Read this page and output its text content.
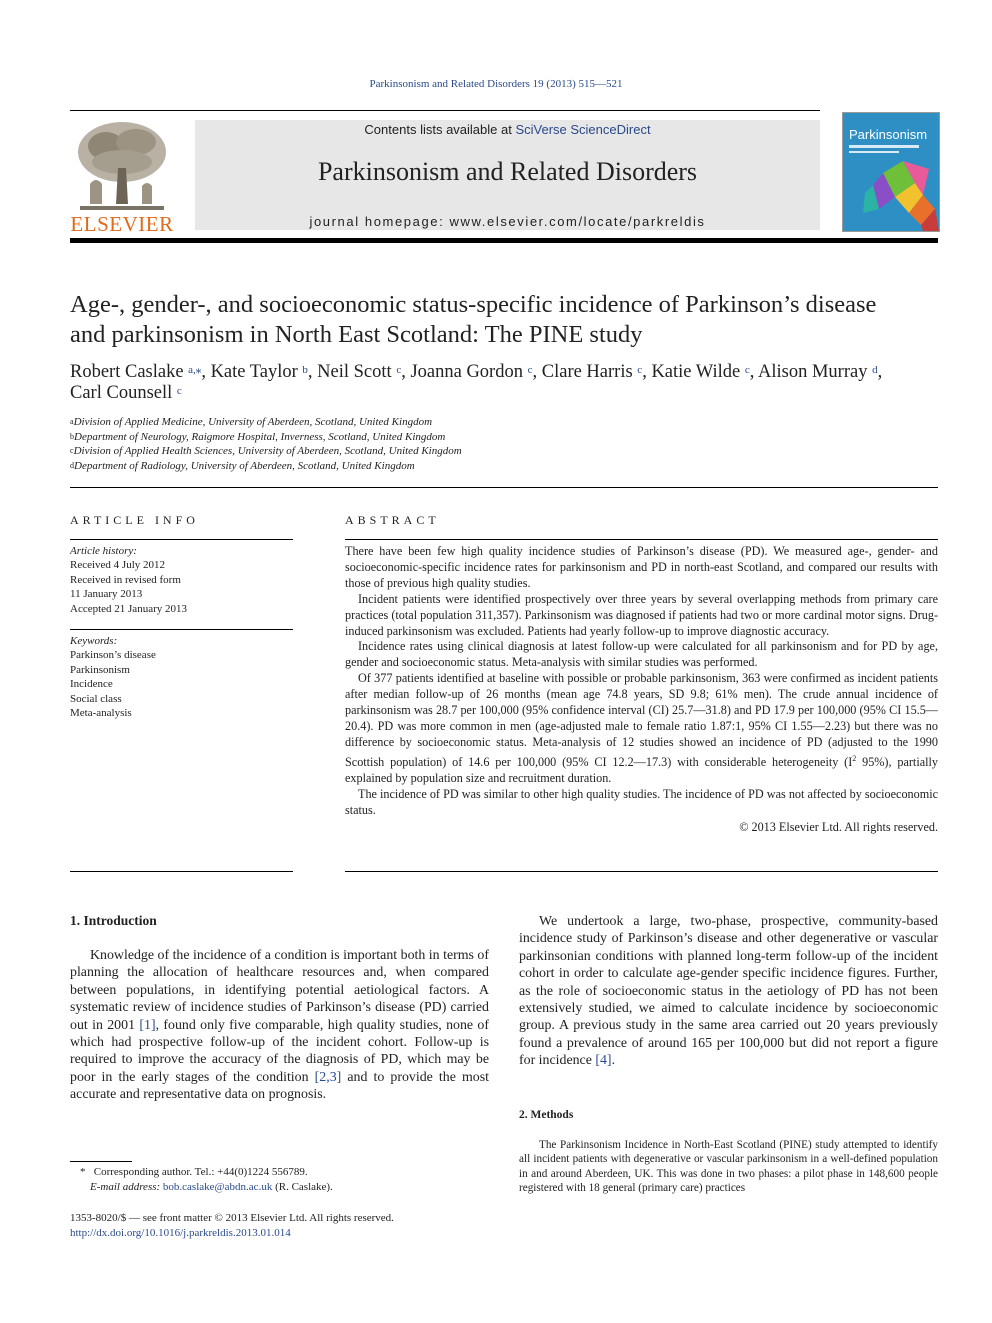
Parkinsonism and Related Disorders 19 (2013) 515—521
ELSEVIER
Contents lists available at SciVerse ScienceDirect
Parkinsonism and Related Disorders
journal homepage: www.elsevier.com/locate/parkreldis
Parkinsonism
Age-, gender-, and socioeconomic status-specific incidence of Parkinson’s disease
and parkinsonism in North East Scotland: The PINE study
Robert Caslake $^{a,⁎}$, Kate Taylor $^b$, Neil Scott $^c$, Joanna Gordon $^c$, Clare Harris $^c$, Katie Wilde $^c$, Alison Murray $^d$,
Carl Counsell $^c$
$^a$Division of Applied Medicine, University of Aberdeen, Scotland, United Kingdom
$^b$Department of Neurology, Raigmore Hospital, Inverness, Scotland, United Kingdom
$^c$Division of Applied Health Sciences, University of Aberdeen, Scotland, United Kingdom
$^d$Department of Radiology, University of Aberdeen, Scotland, United Kingdom
ARTICLE INFO
Article history:
Received 4 July 2012
Received in revised form
11 January 2013
Accepted 21 January 2013
Keywords:
Parkinson’s disease
Parkinsonism
Incidence
Social class
Meta-analysis
ABSTRACT

There have been few high quality incidence studies of Parkinson’s disease (PD). We measured age-, gender- and socioeconomic-specific incidence rates for parkinsonism and PD in north-east Scotland, and compared our results with those of previous high quality studies.

Incident patients were identified prospectively over three years by several overlapping methods from primary care practices (total population 311,357). Parkinsonism was diagnosed if patients had two or more cardinal motor signs. Drug-induced parkinsonism was excluded. Patients had yearly follow-up to improve diagnostic accuracy.

Incidence rates using clinical diagnosis at latest follow-up were calculated for all parkinsonism and for PD by age, gender and socioeconomic status. Meta-analysis with similar studies was performed.

Of 377 patients identified at baseline with possible or probable parkinsonism, 363 were confirmed as incident patients after median follow-up of 26 months (mean age 74.8 years, SD 9.8; 61% men). The crude annual incidence of parkinsonism was 28.7 per 100,000 (95% confidence interval (CI) 25.7—31.8) and PD 17.9 per 100,000 (95% CI 15.5—20.4). PD was more common in men (age-adjusted male to female ratio 1.87:1, 95% CI 1.55—2.23) but there was no difference by socioeconomic status. Meta-analysis of 12 studies showed an incidence of PD (adjusted to the 1990 Scottish population) of 14.6 per 100,000 (95% CI 12.2—17.3) with considerable heterogeneity ($I^2$ 95%), partially explained by population size and recruitment duration.

The incidence of PD was similar to other high quality studies. The incidence of PD was not affected by socioeconomic status.

© 2013 Elsevier Ltd. All rights reserved.

1. Introduction

Knowledge of the incidence of a condition is important both in terms of planning the allocation of healthcare resources and, when compared between populations, in identifying potential aetiological factors. A systematic review of incidence studies of Parkinson’s disease (PD) carried out in 2001 [1], found only five comparable, high quality studies, none of which had prospective follow-up of the incident cohort. Follow-up is required to improve the accuracy of the diagnosis of PD, which may be poor in the early stages of the condition [2,3] and to provide the most accurate and representative data on prognosis.

We undertook a large, two-phase, prospective, community-based incidence study of Parkinson’s disease and other degenerative or vascular parkinsonian conditions with planned long-term follow-up of the incident cohort in order to calculate age-gender specific incidence figures. Further, as the role of socioeconomic status in the aetiology of PD has not been extensively studied, we aimed to calculate incidence by socioeconomic group. A previous study in the same area carried out 20 years previously found a prevalence of around 165 per 100,000 but did not report a figure for incidence [4].

2. Methods

The Parkinsonism Incidence in North-East Scotland (PINE) study attempted to identify all incident patients with degenerative or vascular parkinsonism in a well-defined population in and around Aberdeen, UK. This was done in two phases: a pilot phase in 148,600 people registered with 18 general (primary care) practices

* Corresponding author. Tel.: +44(0)1224 556789.
E-mail address: bob.caslake@abdn.ac.uk (R. Caslake).
1353-8020/$ — see front matter © 2013 Elsevier Ltd. All rights reserved.
http://dx.doi.org/10.1016/j.parkreldis.2013.01.014
